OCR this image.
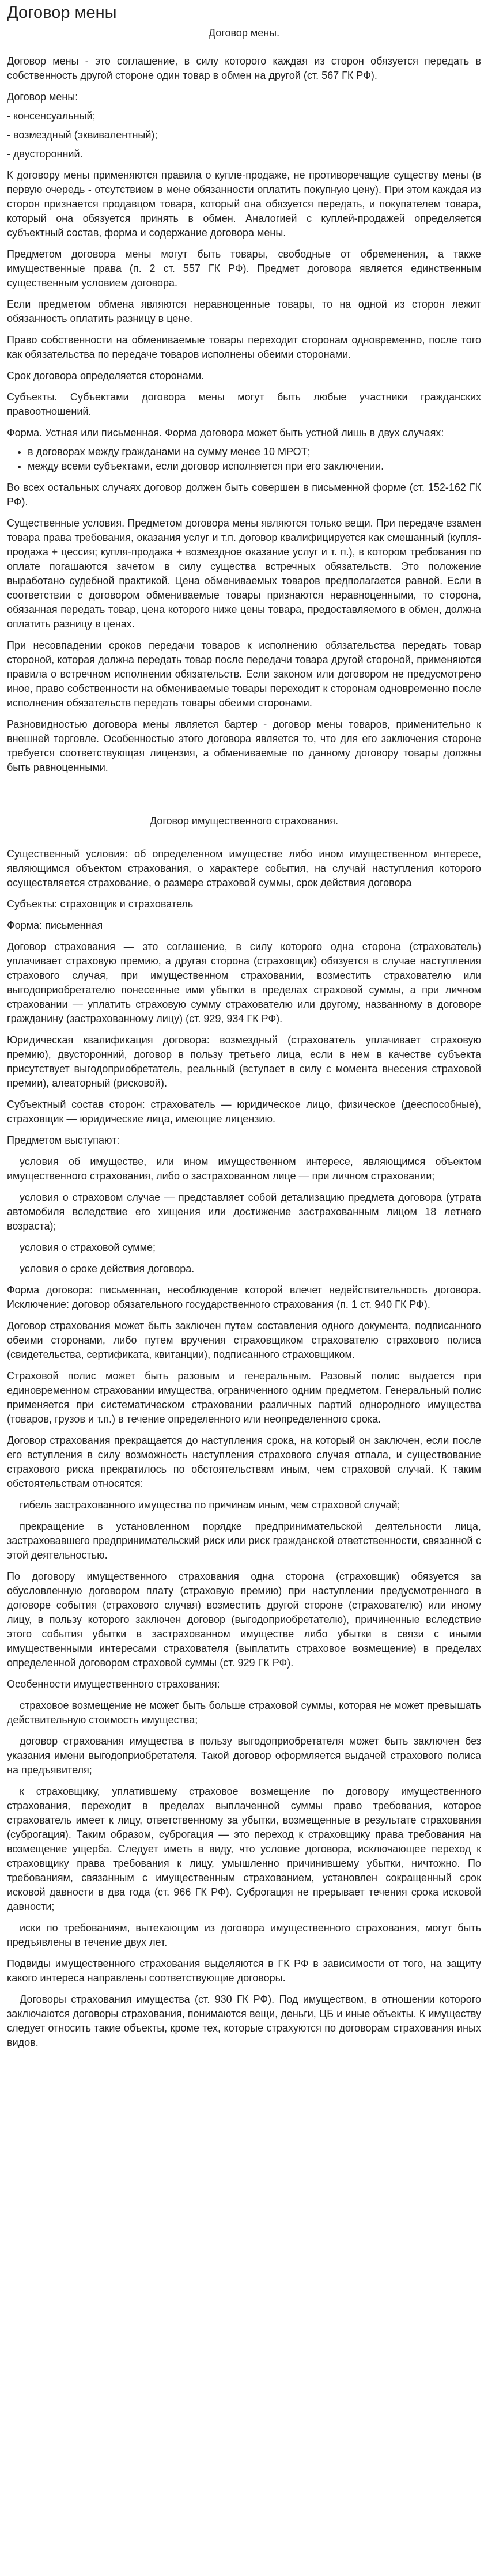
Договор мены
Договор мены.

Договор мены - это соглашение, в силу которого каждая из сторон обязуется передать в собственность другой стороне один товар в обмен на другой (ст. 567 ГК РФ).

Договор мены:

- консенсуальный;

- возмездный (эквивалентный);

- двусторонний.

К договору мены применяются правила о купле-продаже, не противоречащие существу мены (в первую очередь - отсутствием в мене обязанности оплатить покупную цену). При этом каждая из сторон признается продавцом товара, который она обязуется передать, и покупателем товара, который она обязуется принять в обмен. Аналогией с куплей-продажей определяется субъектный состав, форма и содержание договора мены.

Предметом договора мены могут быть товары, свободные от обременения, а также имущественные права (п. 2 ст. 557 ГК РФ). Предмет договора является единственным существенным условием договора.

Если предметом обмена являются неравноценные товары, то на одной из сторон лежит обязанность оплатить разницу в цене.

Право собственности на обмениваемые товары переходит сторонам одновременно, после того как обязательства по передаче товаров исполнены обеими сторонами.

Срок договора определяется сторонами.

Субъекты. Субъектами договора мены могут быть любые участники гражданских правоотношений.

Форма. Устная или письменная. Форма договора может быть устной лишь в двух случаях:

• в договорах между гражданами на сумму менее 10 МРОТ;
• между всеми субъектами, если договор исполняется при его заключении.

Во всех остальных случаях договор должен быть совершен в письменной форме (ст. 152-162 ГК РФ).

Существенные условия. Предметом договора мены являются только вещи. При передаче взамен товара права требования, оказания услуг и т.п. договор квалифицируется как смешанный (купля-продажа + цессия; купля-продажа + возмездное оказание услуг и т. п.), в котором требования по оплате погашаются зачетом в силу существа встречных обязательств. Это положение выработано судебной практикой. Цена обмениваемых товаров предполагается равной. Если в соответствии с договором обмениваемые товары признаются неравноценными, то сторона, обязанная передать товар, цена которого ниже цены товара, предоставляемого в обмен, должна оплатить разницу в ценах.

При несовпадении сроков передачи товаров к исполнению обязательства передать товар стороной, которая должна передать товар после передачи товара другой стороной, применяются правила о встречном исполнении обязательств. Если законом или договором не предусмотрено иное, право собственности на обмениваемые товары переходит к сторонам одновременно после исполнения обязательств передать товары обеими сторонами.

Разновидностью договора мены является бартер - договор мены товаров, применительно к внешней торговле. Особенностью этого договора является то, что для его заключения стороне требуется соответствующая лицензия, а обмениваемые по данному договору товары должны быть равноценными.

Договор имущественного страхования.

Существенный условия: об определенном имуществе либо ином имущественном интересе, являющимся объектом страхования, о характере события, на случай наступления которого осуществляется страхование, о размере страховой суммы, срок действия договора

Субъекты: страховщик и страхователь

Форма: письменная

Договор страхования — это соглашение, в силу которого одна сторона (страхователь) уплачивает страховую премию, а другая сторона (страховщик) обязуется в случае наступления страхового случая, при имущественном страховании, возместить страхователю или выгодоприобретателю понесенные ими убытки в пределах страховой суммы, а при личном страховании — уплатить страховую сумму страхователю или другому, названному в договоре гражданину (застрахованному лицу) (ст. 929, 934 ГК РФ).

Юридическая квалификация договора: возмездный (страхователь уплачивает страховую премию), двусторонний, договор в пользу третьего лица, если в нем в качестве субъекта присутствует выгодоприобретатель, реальный (вступает в силу с момента внесения страховой премии), алеаторный (рисковой).

Субъектный состав сторон: страхователь — юридическое лицо, физическое (дееспособные), страховщик — юридические лица, имеющие лицензию.

Предметом выступают:

условия об имуществе, или ином имущественном интересе, являющимся объектом имущественного страхования, либо о застрахованном лице — при личном страховании;

условия о страховом случае — представляет собой детализацию предмета договора (утрата автомобиля вследствие его хищения или достижение застрахованным лицом 18 летнего возраста);

условия о страховой сумме;

условия о сроке действия договора.

Форма договора: письменная, несоблюдение которой влечет недействительность договора. Исключение: договор обязательного государственного страхования (п. 1 ст. 940 ГК РФ).

Договор страхования может быть заключен путем составления одного документа, подписанного обеими сторонами, либо путем вручения страховщиком страхователю страхового полиса (свидетельства, сертификата, квитанции), подписанного страховщиком.

Страховой полис может быть разовым и генеральным. Разовый полис выдается при единовременном страховании имущества, ограниченного одним предметом. Генеральный полис применяется при систематическом страховании различных партий однородного имущества (товаров, грузов и т.п.) в течение определенного или неопределенного срока.

Договор страхования прекращается до наступления срока, на который он заключен, если после его вступления в силу возможность наступления страхового случая отпала, и существование страхового риска прекратилось по обстоятельствам иным, чем страховой случай. К таким обстоятельствам относятся:

гибель застрахованного имущества по причинам иным, чем страховой случай;

прекращение в установленном порядке предпринимательской деятельности лица, застраховавшего предпринимательский риск или риск гражданской ответственности, связанной с этой деятельностью.

По договору имущественного страхования одна сторона (страховщик) обязуется за обусловленную договором плату (страховую премию) при наступлении предусмотренного в договоре события (страхового случая) возместить другой стороне (страхователю) или иному лицу, в пользу которого заключен договор (выгодоприобретателю), причиненные вследствие этого события убытки в застрахованном имуществе либо убытки в связи с иными имущественными интересами страхователя (выплатить страховое возмещение) в пределах определенной договором страховой суммы (ст. 929 ГК РФ).

Особенности имущественного страхования:

страховое возмещение не может быть больше страховой суммы, которая не может превышать действительную стоимость имущества;

договор страхования имущества в пользу выгодоприобретателя может быть заключен без указания имени выгодоприобретателя. Такой договор оформляется выдачей страхового полиса на предъявителя;

к страховщику, уплатившему страховое возмещение по договору имущественного страхования, переходит в пределах выплаченной суммы право требования, которое страхователь имеет к лицу, ответственному за убытки, возмещенные в результате страхования (суброгация). Таким образом, суброгация — это переход к страховщику права требования на возмещение ущерба. Следует иметь в виду, что условие договора, исключающее переход к страховщику права требования к лицу, умышленно причинившему убытки, ничтожно. По требованиям, связанным с имущественным страхованием, установлен сокращенный срок исковой давности в два года (ст. 966 ГК РФ). Суброгация не прерывает течения срока исковой давности;

иски по требованиям, вытекающим из договора имущественного страхования, могут быть предъявлены в течение двух лет.

Подвиды имущественного страхования выделяются в ГК РФ в зависимости от того, на защиту какого интереса направлены соответствующие договоры.

Договоры страхования имущества (ст. 930 ГК РФ). Под имуществом, в отношении которого заключаются договоры страхования, понимаются вещи, деньги, ЦБ и иные объекты. К имуществу следует относить такие объекты, кроме тех, которые страхуются по договорам страхования иных видов.
